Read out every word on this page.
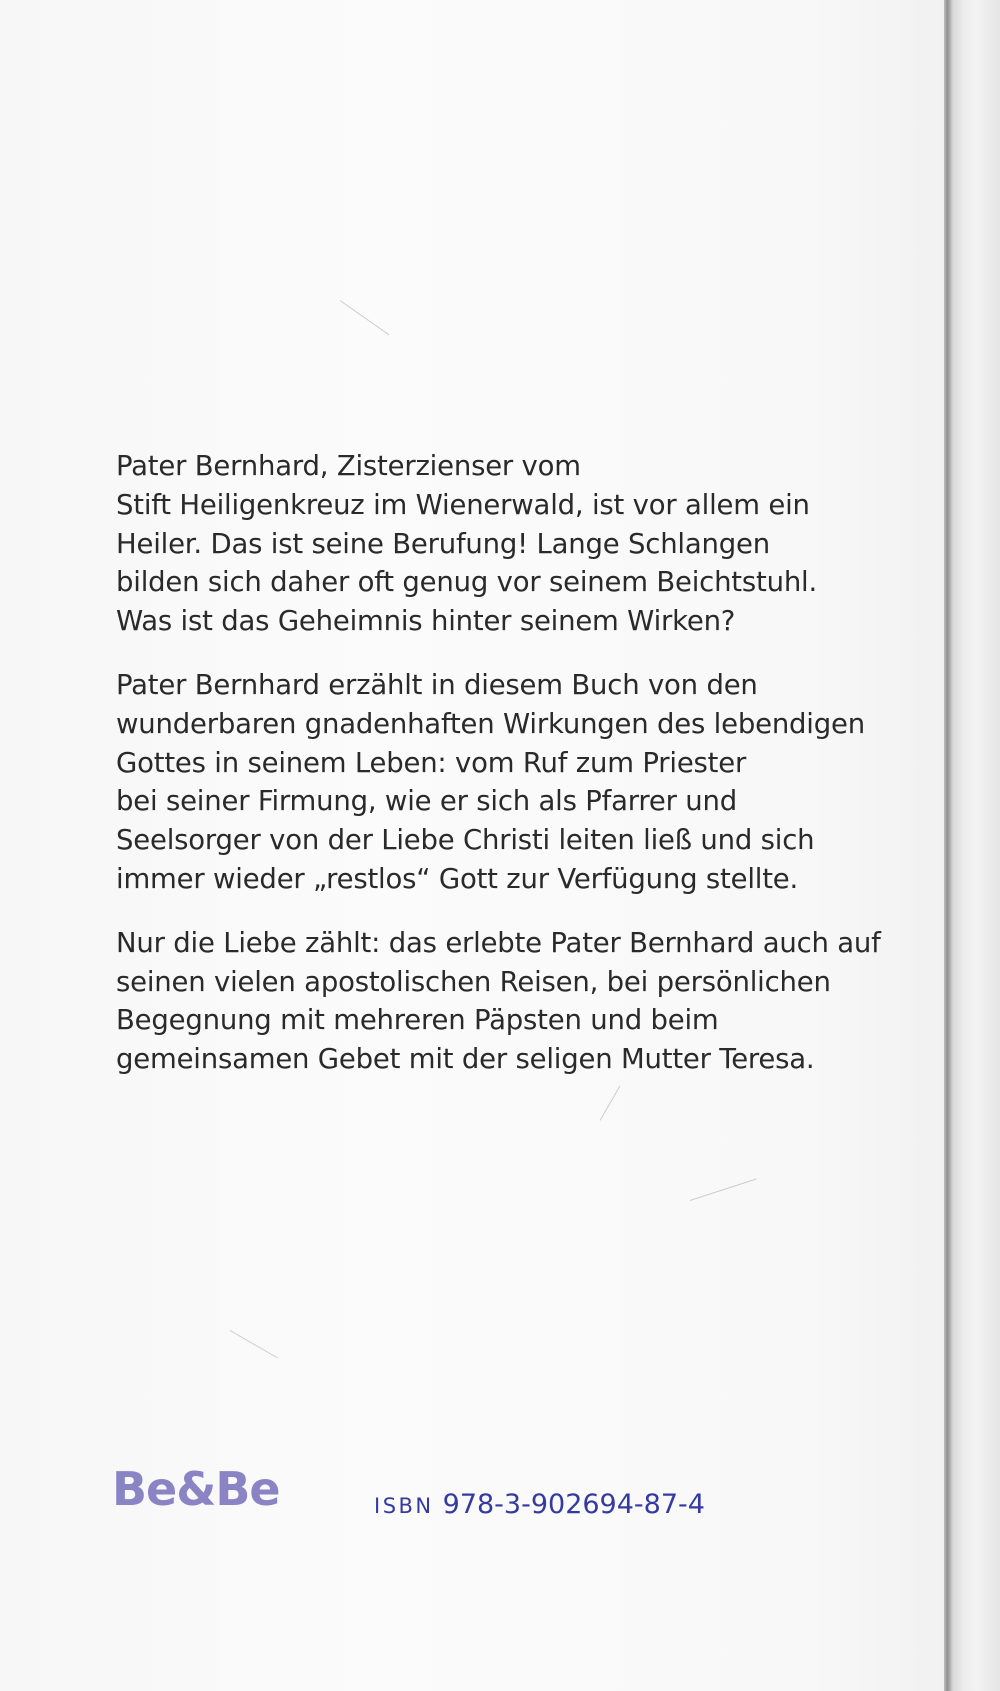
Pater Bernhard, Zisterzienser vom
Stift Heiligenkreuz im Wienerwald, ist vor allem ein
Heiler. Das ist seine Berufung! Lange Schlangen
bilden sich daher oft genug vor seinem Beichtstuhl.
Was ist das Geheimnis hinter seinem Wirken?

Pater Bernhard erzählt in diesem Buch von den
wunderbaren gnadenhaften Wirkungen des lebendigen
Gottes in seinem Leben: vom Ruf zum Priester
bei seiner Firmung, wie er sich als Pfarrer und
Seelsorger von der Liebe Christi leiten ließ und sich
immer wieder „restlos“ Gott zur Verfügung stellte.

Nur die Liebe zählt: das erlebte Pater Bernhard auch auf
seinen vielen apostolischen Reisen, bei persönlichen
Begegnung mit mehreren Päpsten und beim
gemeinsamen Gebet mit der seligen Mutter Teresa.

Be&Be	ISBN 978-3-902694-87-4
